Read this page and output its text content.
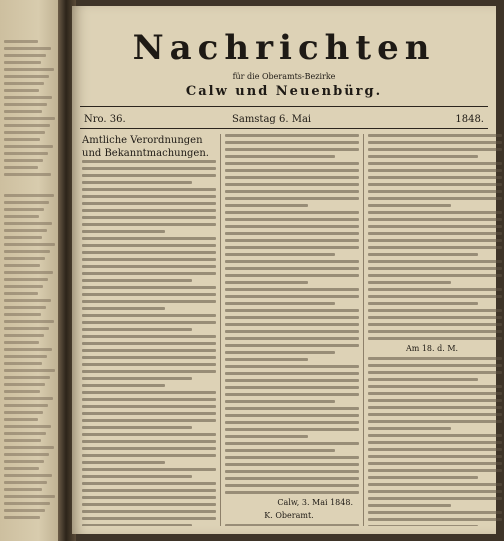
Nachrichten
für die Oberamts-Bezirke
Calw und Neuenbürg.
Nro. 36.	Samstag 6. Mai	1848.
Amtliche Verordnungen und Bekanntmachungen.
Calw, 3. Mai 1848.
K. Oberamt.
Am 18. d. M.
